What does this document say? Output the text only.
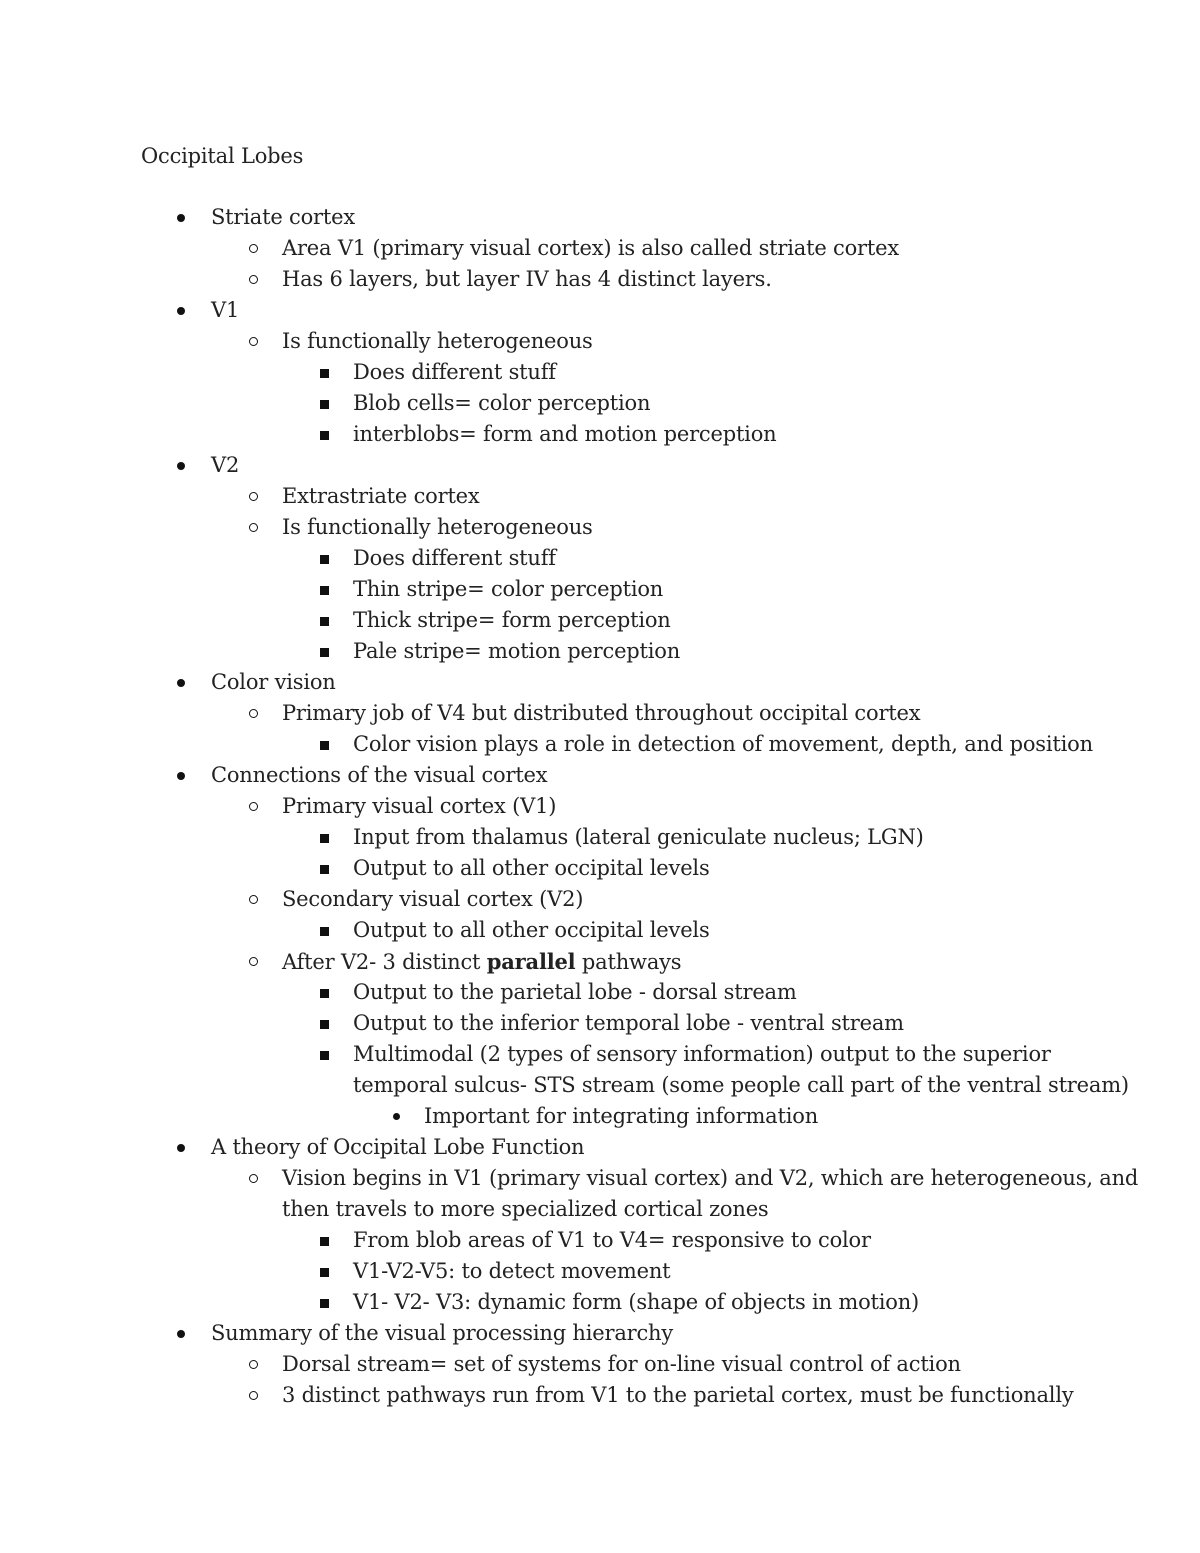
Occipital Lobes
Striate cortex
Area V1 (primary visual cortex) is also called striate cortex
Has 6 layers, but layer IV has 4 distinct layers.
V1
Is functionally heterogeneous
Does different stuff
Blob cells= color perception
interblobs= form and motion perception
V2
Extrastriate cortex
Is functionally heterogeneous
Does different stuff
Thin stripe= color perception
Thick stripe= form perception
Pale stripe= motion perception
Color vision
Primary job of V4 but distributed throughout occipital cortex
Color vision plays a role in detection of movement, depth, and position
Connections of the visual cortex
Primary visual cortex (V1)
Input from thalamus (lateral geniculate nucleus; LGN)
Output to all other occipital levels
Secondary visual cortex (V2)
Output to all other occipital levels
After V2- 3 distinct parallel pathways
Output to the parietal lobe - dorsal stream
Output to the inferior temporal lobe - ventral stream
Multimodal (2 types of sensory information) output to the superior
temporal sulcus- STS stream (some people call part of the ventral stream)
Important for integrating information
A theory of Occipital Lobe Function
Vision begins in V1 (primary visual cortex) and V2, which are heterogeneous, and
then travels to more specialized cortical zones
From blob areas of V1 to V4= responsive to color
V1-V2-V5: to detect movement
V1- V2- V3: dynamic form (shape of objects in motion)
Summary of the visual processing hierarchy
Dorsal stream= set of systems for on-line visual control of action
3 distinct pathways run from V1 to the parietal cortex, must be functionally
